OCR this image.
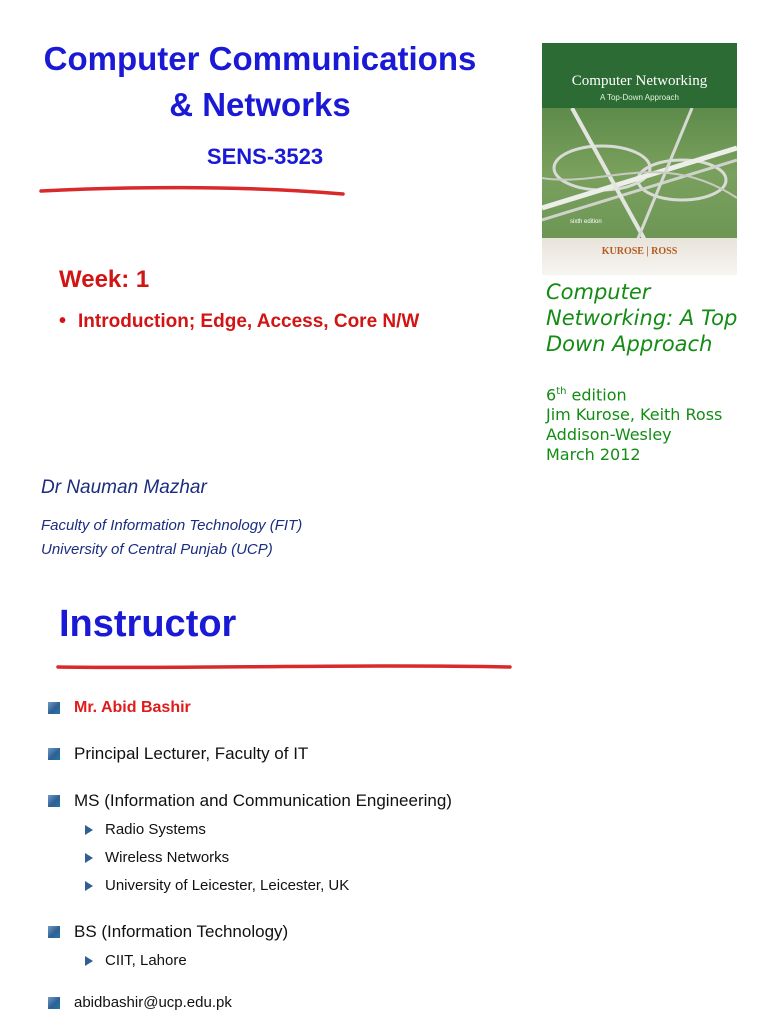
Computer Communications
& Networks
SENS-3523
Week: 1
• Introduction; Edge, Access, Core N/W
Dr Nauman Mazhar
Faculty of Information Technology (FIT)
University of Central Punjab (UCP)
Computer Networking
A Top-Down Approach
sixth edition
KUROSE | ROSS
Computer Networking: A Top Down Approach
6th edition
Jim Kurose, Keith Ross
Addison-Wesley
March 2012
Instructor
Mr. Abid Bashir
Principal Lecturer, Faculty of IT
MS (Information and Communication Engineering)
Radio Systems
Wireless Networks
University of Leicester, Leicester, UK
BS (Information Technology)
CIIT, Lahore
abidbashir@ucp.edu.pk
